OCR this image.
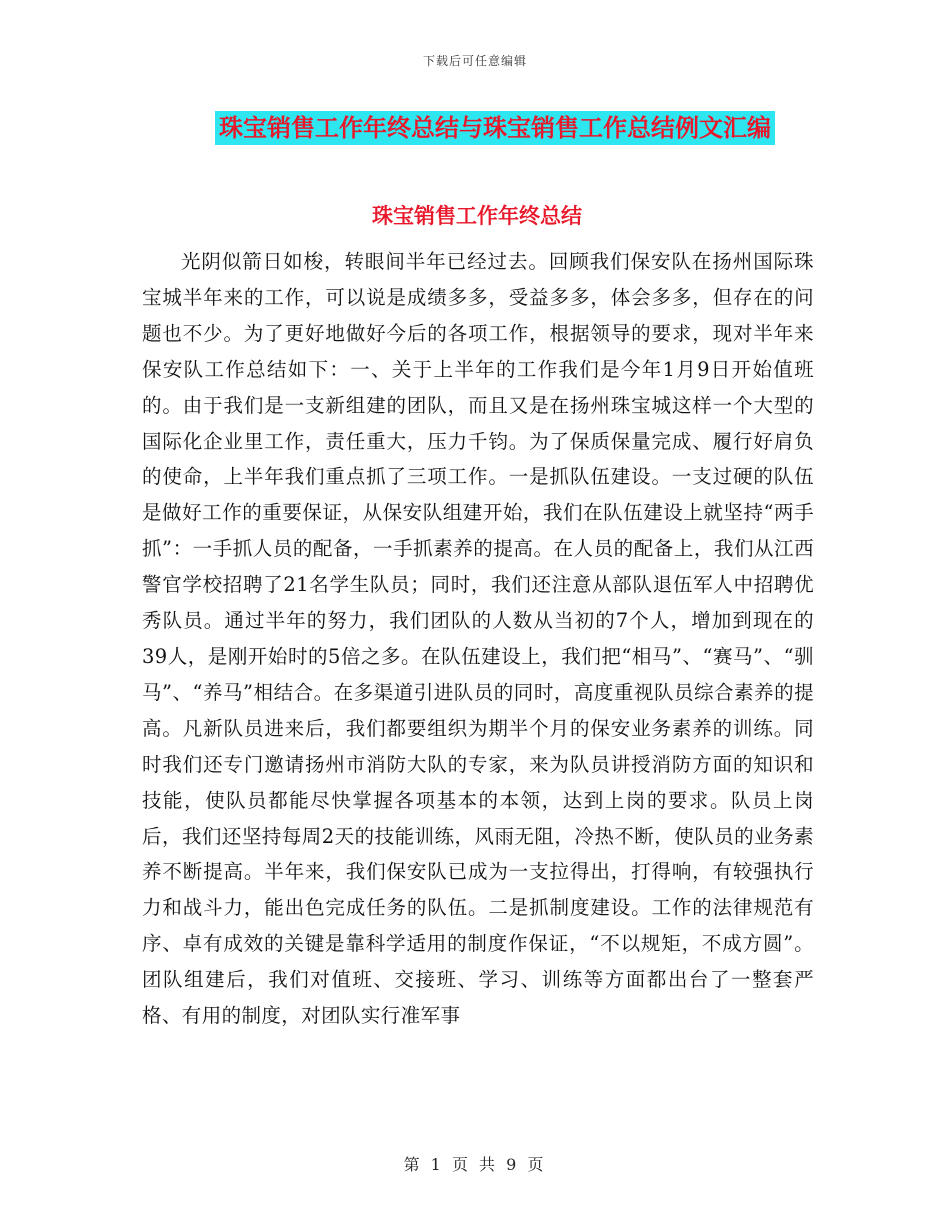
下载后可任意编辑
珠宝销售工作年终总结与珠宝销售工作总结例文汇编
珠宝销售工作年终总结

光阴似箭日如梭，转眼间半年已经过去。回顾我们保安队在扬州国际珠宝城半年来的工作，可以说是成绩多多，受益多多，体会多多，但存在的问题也不少。为了更好地做好今后的各项工作，根据领导的要求，现对半年来保安队工作总结如下：一、关于上半年的工作我们是今年1月9日开始值班的。由于我们是一支新组建的团队，而且又是在扬州珠宝城这样一个大型的国际化企业里工作，责任重大，压力千钧。为了保质保量完成、履行好肩负的使命，上半年我们重点抓了三项工作。一是抓队伍建设。一支过硬的队伍是做好工作的重要保证，从保安队组建开始，我们在队伍建设上就坚持“两手抓”：一手抓人员的配备，一手抓素养的提高。在人员的配备上，我们从江西警官学校招聘了21名学生队员；同时，我们还注意从部队退伍军人中招聘优秀队员。通过半年的努力，我们团队的人数从当初的7个人，增加到现在的39人，是刚开始时的5倍之多。在队伍建设上，我们把“相马”、“赛马”、“驯马”、“养马”相结合。在多渠道引进队员的同时，高度重视队员综合素养的提高。凡新队员进来后，我们都要组织为期半个月的保安业务素养的训练。同时我们还专门邀请扬州市消防大队的专家，来为队员讲授消防方面的知识和技能，使队员都能尽快掌握各项基本的本领，达到上岗的要求。队员上岗后，我们还坚持每周2天的技能训练，风雨无阻，冷热不断，使队员的业务素养不断提高。半年来，我们保安队已成为一支拉得出，打得响，有较强执行力和战斗力，能出色完成任务的队伍。二是抓制度建设。工作的法律规范有序、卓有成效的关键是靠科学适用的制度作保证，“不以规矩，不成方圆”。团队组建后，我们对值班、交接班、学习、训练等方面都出台了一整套严格、有用的制度，对团队实行准军事

第 1 页 共 9 页
